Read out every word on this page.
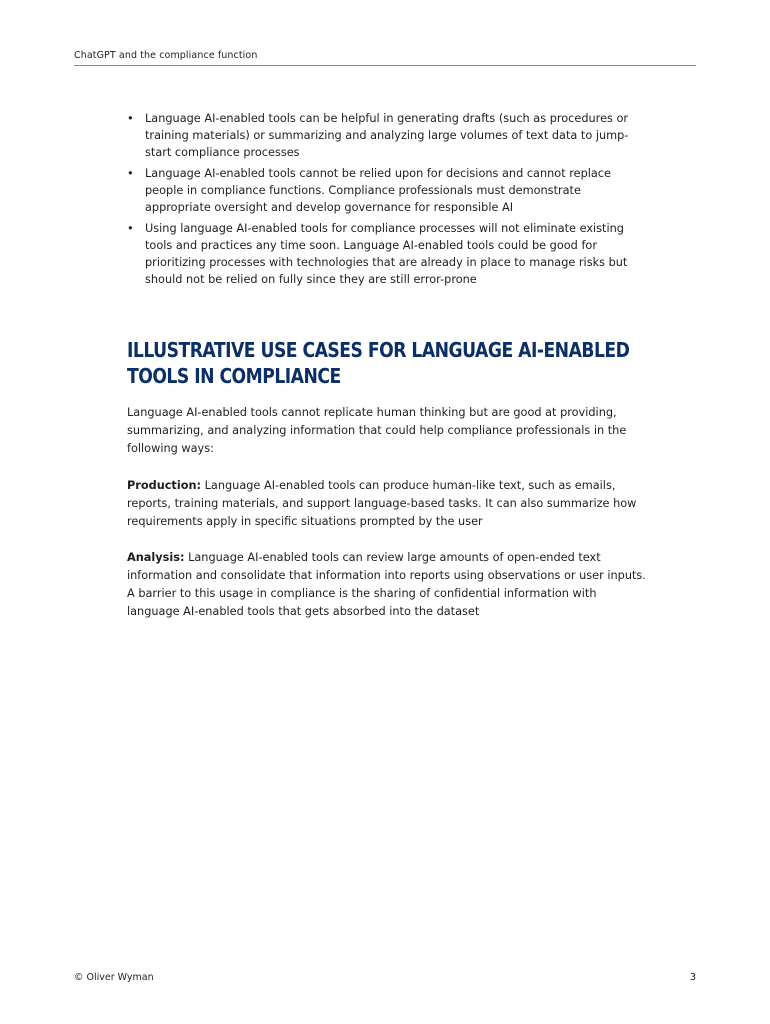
ChatGPT and the compliance function
• Language AI-enabled tools can be helpful in generating drafts (such as procedures or training materials) or summarizing and analyzing large volumes of text data to jump-start compliance processes
• Language AI-enabled tools cannot be relied upon for decisions and cannot replace people in compliance functions. Compliance professionals must demonstrate appropriate oversight and develop governance for responsible AI
• Using language AI-enabled tools for compliance processes will not eliminate existing tools and practices any time soon. Language AI-enabled tools could be good for prioritizing processes with technologies that are already in place to manage risks but should not be relied on fully since they are still error-prone
ILLUSTRATIVE USE CASES FOR LANGUAGE AI-ENABLED TOOLS IN COMPLIANCE

Language AI-enabled tools cannot replicate human thinking but are good at providing, summarizing, and analyzing information that could help compliance professionals in the following ways:

Production: Language AI-enabled tools can produce human-like text, such as emails, reports, training materials, and support language-based tasks. It can also summarize how requirements apply in specific situations prompted by the user

Analysis: Language AI-enabled tools can review large amounts of open-ended text information and consolidate that information into reports using observations or user inputs. A barrier to this usage in compliance is the sharing of confidential information with language AI-enabled tools that gets absorbed into the dataset

© Oliver Wyman	3
